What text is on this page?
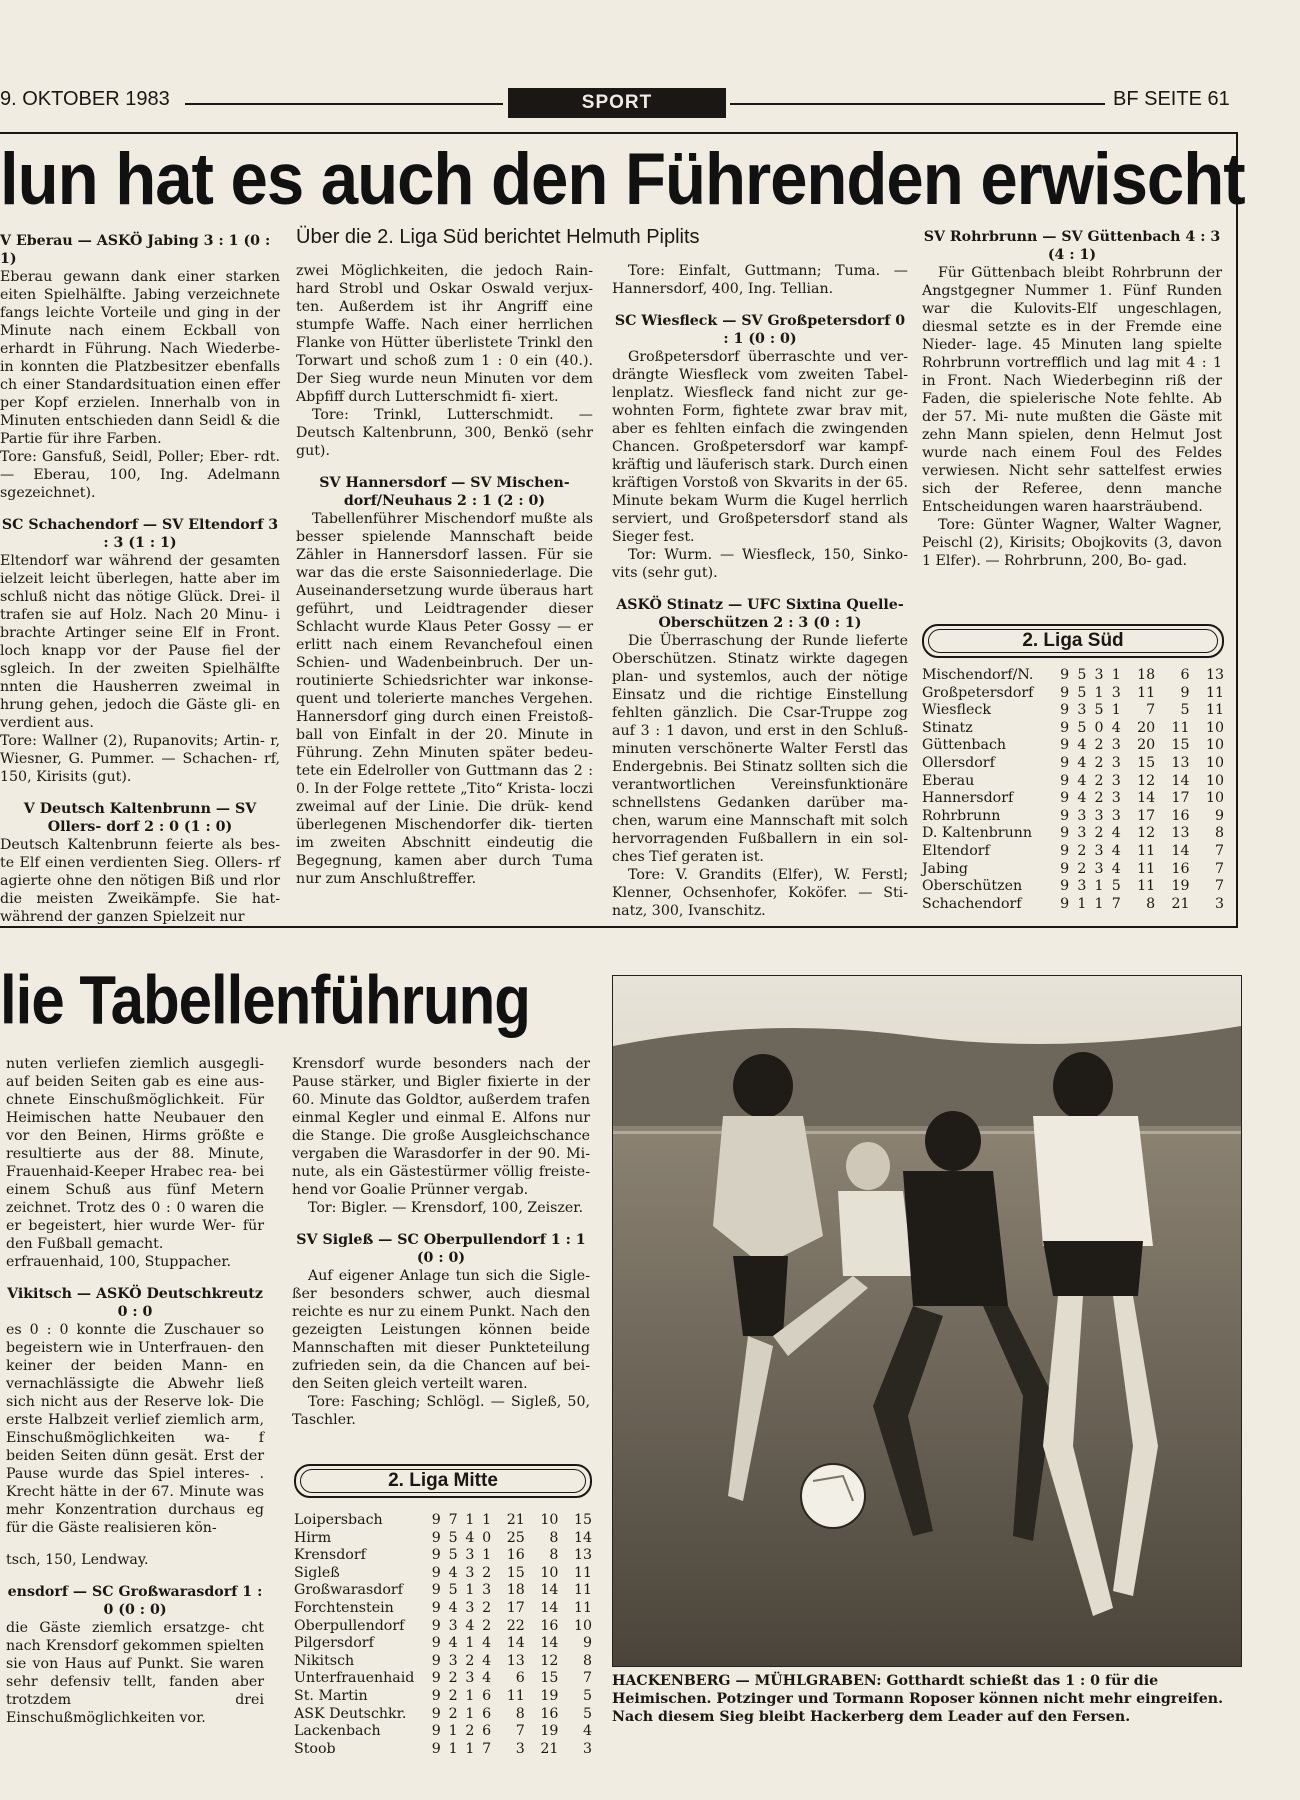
9. OKTOBER 1983	SPORT	BF SEITE 61
lun hat es auch den Führenden erwischt
Über die 2. Liga Süd berichtet Helmuth Piplits

V Eberau — ASKÖ Jabing 3 : 1 (0 : 1)

Eberau gewann dank einer starken eiten Spielhälfte. Jabing verzeichnete fangs leichte Vorteile und ging in der Minute nach einem Eckball von erhardt in Führung. Nach Wiederbe- in konnten die Platzbesitzer ebenfalls ch einer Standardsituation einen effer per Kopf erzielen. Innerhalb von in Minuten entschieden dann Seidl & die Partie für ihre Farben.

Tore: Gansfuß, Seidl, Poller; Eber- rdt. — Eberau, 100, Ing. Adelmann sgezeichnet).

SC Schachendorf — SV Eltendorf 3 : 3 (1 : 1)

Eltendorf war während der gesamten ielzeit leicht überlegen, hatte aber im schluß nicht das nötige Glück. Drei- il trafen sie auf Holz. Nach 20 Minu- i brachte Artinger seine Elf in Front. loch knapp vor der Pause fiel der sgleich. In der zweiten Spielhälfte nnten die Hausherren zweimal in hrung gehen, jedoch die Gäste gli- en verdient aus.

Tore: Wallner (2), Rupanovits; Artin- r, Wiesner, G. Pummer. — Schachen- rf, 150, Kirisits (gut).

V Deutsch Kaltenbrunn — SV Ollers- dorf 2 : 0 (1 : 0)

Deutsch Kaltenbrunn feierte als bes- te Elf einen verdienten Sieg. Ollers- rf agierte ohne den nötigen Biß und rlor die meisten Zweikämpfe. Sie hat- während der ganzen Spielzeit nur

zwei Möglichkeiten, die jedoch Rain- hard Strobl und Oskar Oswald verjux- ten. Außerdem ist ihr Angriff eine stumpfe Waffe. Nach einer herrlichen Flanke von Hütter überlistete Trinkl den Torwart und schoß zum 1 : 0 ein (40.). Der Sieg wurde neun Minuten vor dem Abpfiff durch Lutterschmidt fi- xiert.

Tore: Trinkl, Lutterschmidt. — Deutsch Kaltenbrunn, 300, Benkö (sehr gut).

SV Hannersdorf — SV Mischen- dorf/Neuhaus 2 : 1 (2 : 0)

Tabellenführer Mischendorf mußte als besser spielende Mannschaft beide Zähler in Hannersdorf lassen. Für sie war das die erste Saisonniederlage. Die Auseinandersetzung wurde überaus hart geführt, und Leidtragender dieser Schlacht wurde Klaus Peter Gossy — er erlitt nach einem Revanchefoul einen Schien- und Wadenbeinbruch. Der un- routinierte Schiedsrichter war inkonse- quent und tolerierte manches Vergehen. Hannersdorf ging durch einen Freistoß- ball von Einfalt in der 20. Minute in Führung. Zehn Minuten später bedeu- tete ein Edelroller von Guttmann das 2 : 0. In der Folge rettete „Tito“ Krista- loczi zweimal auf der Linie. Die drük- kend überlegenen Mischendorfer dik- tierten im zweiten Abschnitt eindeutig die Begegnung, kamen aber durch Tuma nur zum Anschlußtreffer.

Tore: Einfalt, Guttmann; Tuma. — Hannersdorf, 400, Ing. Tellian.

SC Wiesfleck — SV Großpetersdorf 0 : 1 (0 : 0)

Großpetersdorf überraschte und ver- drängte Wiesfleck vom zweiten Tabel- lenplatz. Wiesfleck fand nicht zur ge- wohnten Form, fightete zwar brav mit, aber es fehlten einfach die zwingenden Chancen. Großpetersdorf war kampf- kräftig und läuferisch stark. Durch einen kräftigen Vorstoß von Skvarits in der 65. Minute bekam Wurm die Kugel herrlich serviert, und Großpetersdorf stand als Sieger fest.

Tor: Wurm. — Wiesfleck, 150, Sinko- vits (sehr gut).

ASKÖ Stinatz — UFC Sixtina Quelle- Oberschützen 2 : 3 (0 : 1)

Die Überraschung der Runde lieferte Oberschützen. Stinatz wirkte dagegen plan- und systemlos, auch der nötige Einsatz und die richtige Einstellung fehlten gänzlich. Die Csar-Truppe zog auf 3 : 1 davon, und erst in den Schluß- minuten verschönerte Walter Ferstl das Endergebnis. Bei Stinatz sollten sich die verantwortlichen Vereinsfunktionäre schnellstens Gedanken darüber ma- chen, warum eine Mannschaft mit solch hervorragenden Fußballern in ein sol- ches Tief geraten ist.

Tore: V. Grandits (Elfer), W. Ferstl; Klenner, Ochsenhofer, Koköfer. — Sti- natz, 300, Ivanschitz.

SV Rohrbrunn — SV Güttenbach 4 : 3 (4 : 1)

Für Güttenbach bleibt Rohrbrunn der Angstgegner Nummer 1. Fünf Runden war die Kulovits-Elf ungeschlagen, diesmal setzte es in der Fremde eine Nieder- lage. 45 Minuten lang spielte Rohrbrunn vortrefflich und lag mit 4 : 1 in Front. Nach Wiederbeginn riß der Faden, die spielerische Note fehlte. Ab der 57. Mi- nute mußten die Gäste mit zehn Mann spielen, denn Helmut Jost wurde nach einem Foul des Feldes verwiesen. Nicht sehr sattelfest erwies sich der Referee, denn manche Entscheidungen waren haarsträubend.

Tore: Günter Wagner, Walter Wagner, Peischl (2), Kirisits; Obojkovits (3, davon 1 Elfer). — Rohrbrunn, 200, Bo- gad.

2. Liga Süd
Mischendorf/N.	9	5	3	1	18	6	13
Großpetersdorf	9	5	1	3	11	9	11
Wiesfleck	9	3	5	1	7	5	11
Stinatz	9	5	0	4	20	11	10
Güttenbach	9	4	2	3	20	15	10
Ollersdorf	9	4	2	3	15	13	10
Eberau	9	4	2	3	12	14	10
Hannersdorf	9	4	2	3	14	17	10
Rohrbrunn	9	3	3	3	17	16	9
D. Kaltenbrunn	9	3	2	4	12	13	8
Eltendorf	9	2	3	4	11	14	7
Jabing	9	2	3	4	11	16	7
Oberschützen	9	3	1	5	11	19	7
Schachendorf	9	1	1	7	8	21	3
lie Tabellenführung

nuten verliefen ziemlich ausgegli- auf beiden Seiten gab es eine aus- chnete Einschußmöglichkeit. Für Heimischen hatte Neubauer den vor den Beinen, Hirms größte e resultierte aus der 88. Minute, Frauenhaid-Keeper Hrabec rea- bei einem Schuß aus fünf Metern zeichnet. Trotz des 0 : 0 waren die er begeistert, hier wurde Wer- für den Fußball gemacht.

erfrauenhaid, 100, Stuppacher.

Vikitsch — ASKÖ Deutschkreutz 0 : 0

es 0 : 0 konnte die Zuschauer so begeistern wie in Unterfrauen- den keiner der beiden Mann- en vernachlässigte die Abwehr ließ sich nicht aus der Reserve lok- Die erste Halbzeit verlief ziemlich arm, Einschußmöglichkeiten wa- f beiden Seiten dünn gesät. Erst der Pause wurde das Spiel interes- . Krecht hätte in der 67. Minute was mehr Konzentration durchaus eg für die Gäste realisieren kön-

tsch, 150, Lendway.

ensdorf — SC Großwarasdorf 1 : 0 (0 : 0)

die Gäste ziemlich ersatzge- cht nach Krensdorf gekommen spielten sie von Haus auf Punkt. Sie waren sehr defensiv tellt, fanden aber trotzdem drei Einschußmöglichkeiten vor.

Krensdorf wurde besonders nach der Pause stärker, und Bigler fixierte in der 60. Minute das Goldtor, außerdem trafen einmal Kegler und einmal E. Alfons nur die Stange. Die große Ausgleichschance vergaben die Warasdorfer in der 90. Mi- nute, als ein Gästestürmer völlig freiste- hend vor Goalie Prünner vergab.

Tor: Bigler. — Krensdorf, 100, Zeiszer.

SV Sigleß — SC Oberpullendorf 1 : 1 (0 : 0)

Auf eigener Anlage tun sich die Sigle- ßer besonders schwer, auch diesmal reichte es nur zu einem Punkt. Nach den gezeigten Leistungen können beide Mannschaften mit dieser Punkteteilung zufrieden sein, da die Chancen auf bei- den Seiten gleich verteilt waren.

Tore: Fasching; Schlögl. — Sigleß, 50, Taschler.

2. Liga Mitte
Loipersbach	9	7	1	1	21	10	15
Hirm	9	5	4	0	25	8	14
Krensdorf	9	5	3	1	16	8	13
Sigleß	9	4	3	2	15	10	11
Großwarasdorf	9	5	1	3	18	14	11
Forchtenstein	9	4	3	2	17	14	11
Oberpullendorf	9	3	4	2	22	16	10
Pilgersdorf	9	4	1	4	14	14	9
Nikitsch	9	3	2	4	13	12	8
Unterfrauenhaid	9	2	3	4	6	15	7
St. Martin	9	2	1	6	11	19	5
ASK Deutschkr.	9	2	1	6	8	16	5
Lackenbach	9	1	2	6	7	19	4
Stoob	9	1	1	7	3	21	3
HACKENBERG — MÜHLGRABEN: Gotthardt schießt das 1 : 0 für die Heimischen. Potzinger und Tormann Roposer können nicht mehr eingreifen. Nach diesem Sieg bleibt Hackerberg dem Leader auf den Fersen.
